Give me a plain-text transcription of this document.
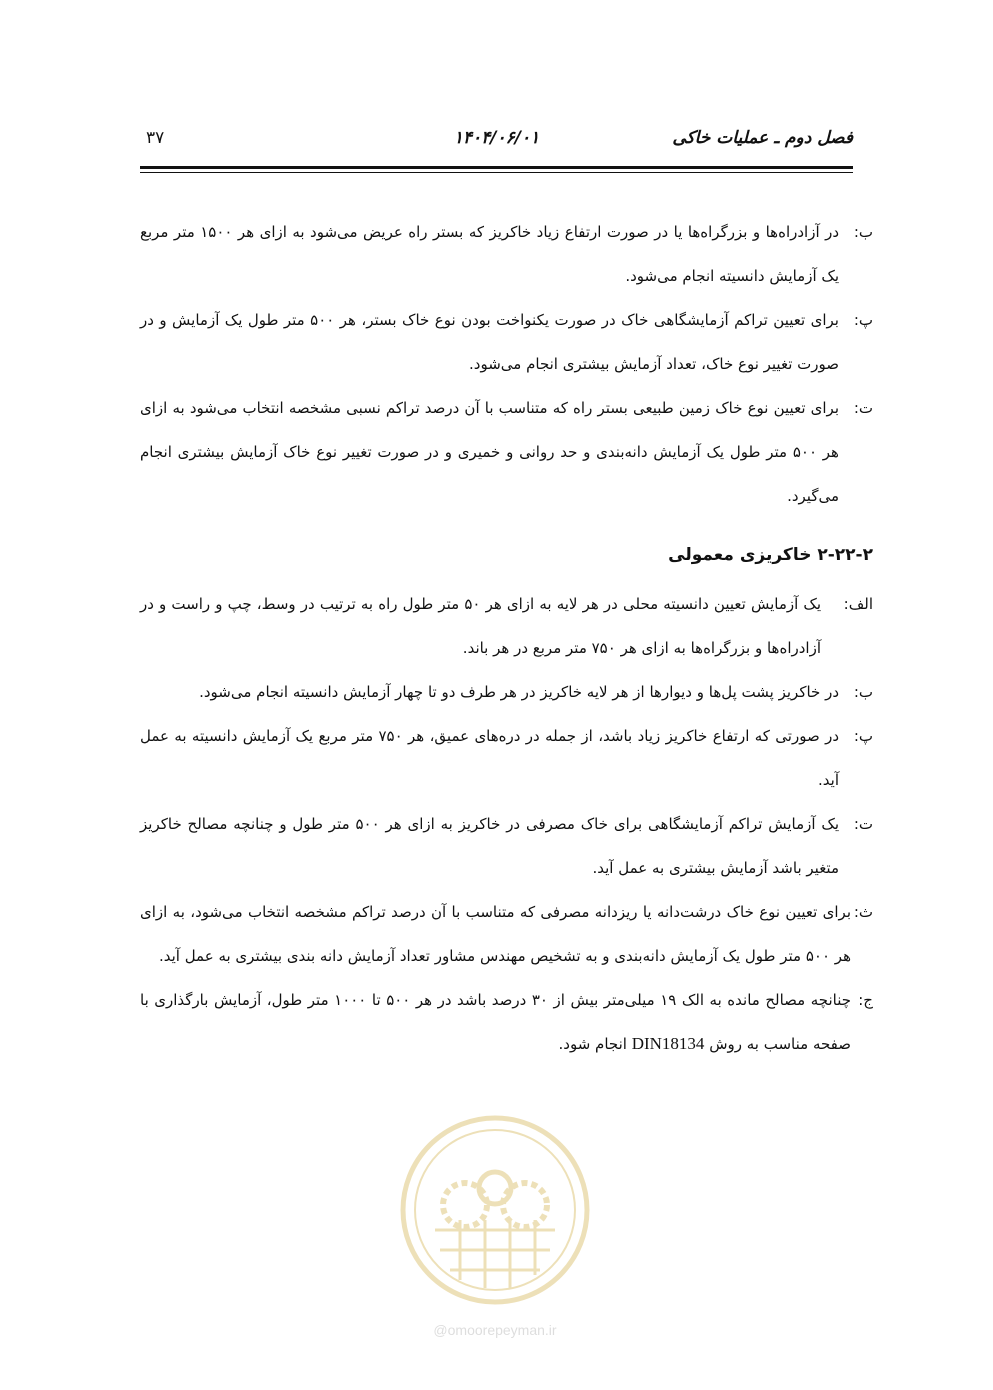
فصل دوم ـ عملیات خاکی
۱۴۰۴/۰۶/۰۱
۳۷

ب:
در آزادراه‌ها و بزرگراه‌ها یا در صورت ارتفاع زیاد خاکریز که بستر راه عریض می‌شود به ازای هر ۱۵۰۰ متر مربع یک آزمایش دانسیته انجام می‌شود.

پ:
برای تعیین تراکم آزمایشگاهی خاک در صورت یکنواخت بودن نوع خاک بستر، هر ۵۰۰ متر طول یک آزمایش و در صورت تغییر نوع خاک، تعداد آزمایش بیشتری انجام می‌شود.

ت:
برای تعیین نوع خاک زمین طبیعی بستر راه که متناسب با آن درصد تراکم نسبی مشخصه انتخاب می‌شود به ازای هر ۵۰۰ متر طول یک آزمایش دانه‌بندی و حد روانی و خمیری و در صورت تغییر نوع خاک آزمایش بیشتری انجام می‌گیرد.

۲-۲۲-۲ خاکریزی معمولی

الف:
یک آزمایش تعیین دانسیته محلی در هر لایه به ازای هر ۵۰ متر طول راه به ترتیب در وسط، چپ و راست و در آزادراه‌ها و بزرگراه‌ها به ازای هر ۷۵۰ متر مربع در هر باند.

ب:
در خاکریز پشت پل‌ها و دیوارها از هر لایه خاکریز در هر طرف دو تا چهار آزمایش دانسیته انجام می‌شود.

پ:
در صورتی که ارتفاع خاکریز زیاد باشد، از جمله در دره‌های عمیق، هر ۷۵۰ متر مربع یک آزمایش دانسیته به عمل آید.

ت:
یک آزمایش تراکم آزمایشگاهی برای خاک مصرفی در خاکریز به ازای هر ۵۰۰ متر طول و چنانچه مصالح خاکریز متغیر باشد آزمایش بیشتری به عمل آید.

ث:
برای تعیین نوع خاک درشت‌دانه یا ریزدانه مصرفی که متناسب با آن درصد تراکم مشخصه انتخاب می‌شود، به ازای هر ۵۰۰ متر طول یک آزمایش دانه‌بندی و به تشخیص مهندس مشاور تعداد آزمایش دانه بندی بیشتری به عمل آید.

ج:
چنانچه مصالح مانده به الک ۱۹ میلی‌متر بیش از ۳۰ درصد باشد در هر ۵۰۰ تا ۱۰۰۰ متر طول، آزمایش بارگذاری با صفحه مناسب به روش DIN18134 انجام شود.

@omoorepeyman.ir
